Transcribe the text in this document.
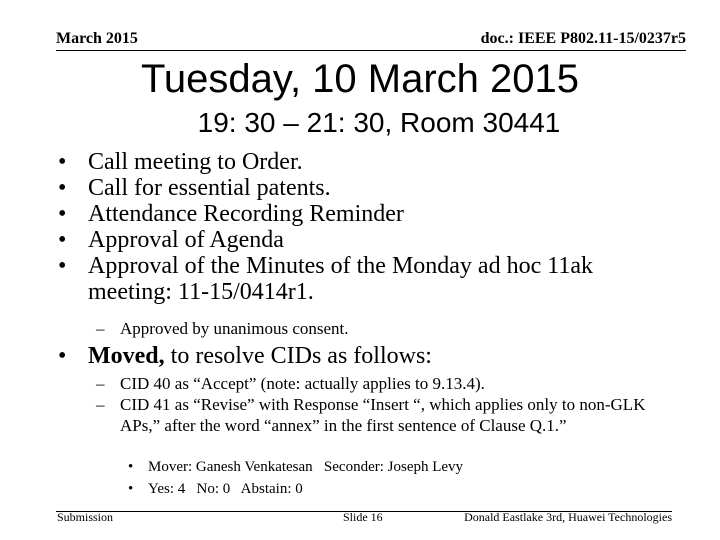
March 2015	doc.: IEEE P802.11-15/0237r5
Tuesday, 10 March 2015
19: 30 – 21: 30, Room 30441
• Call meeting to Order.
• Call for essential patents.
• Attendance Recording Reminder
• Approval of Agenda
• Approval of the Minutes of the Monday ad hoc 11ak meeting: 11-15/0414r1.
– Approved by unanimous consent.
• Moved, to resolve CIDs as follows:
– CID 40 as “Accept” (note: actually applies to 9.13.4).
– CID 41 as “Revise” with Response “Insert “, which applies only to non-GLK APs,” after the word “annex” in the first sentence of Clause Q.1.”
• Mover: Ganesh Venkatesan   Seconder: Joseph Levy
• Yes: 4   No: 0   Abstain: 0
Submission	Slide 16	Donald Eastlake 3rd, Huawei Technologies
